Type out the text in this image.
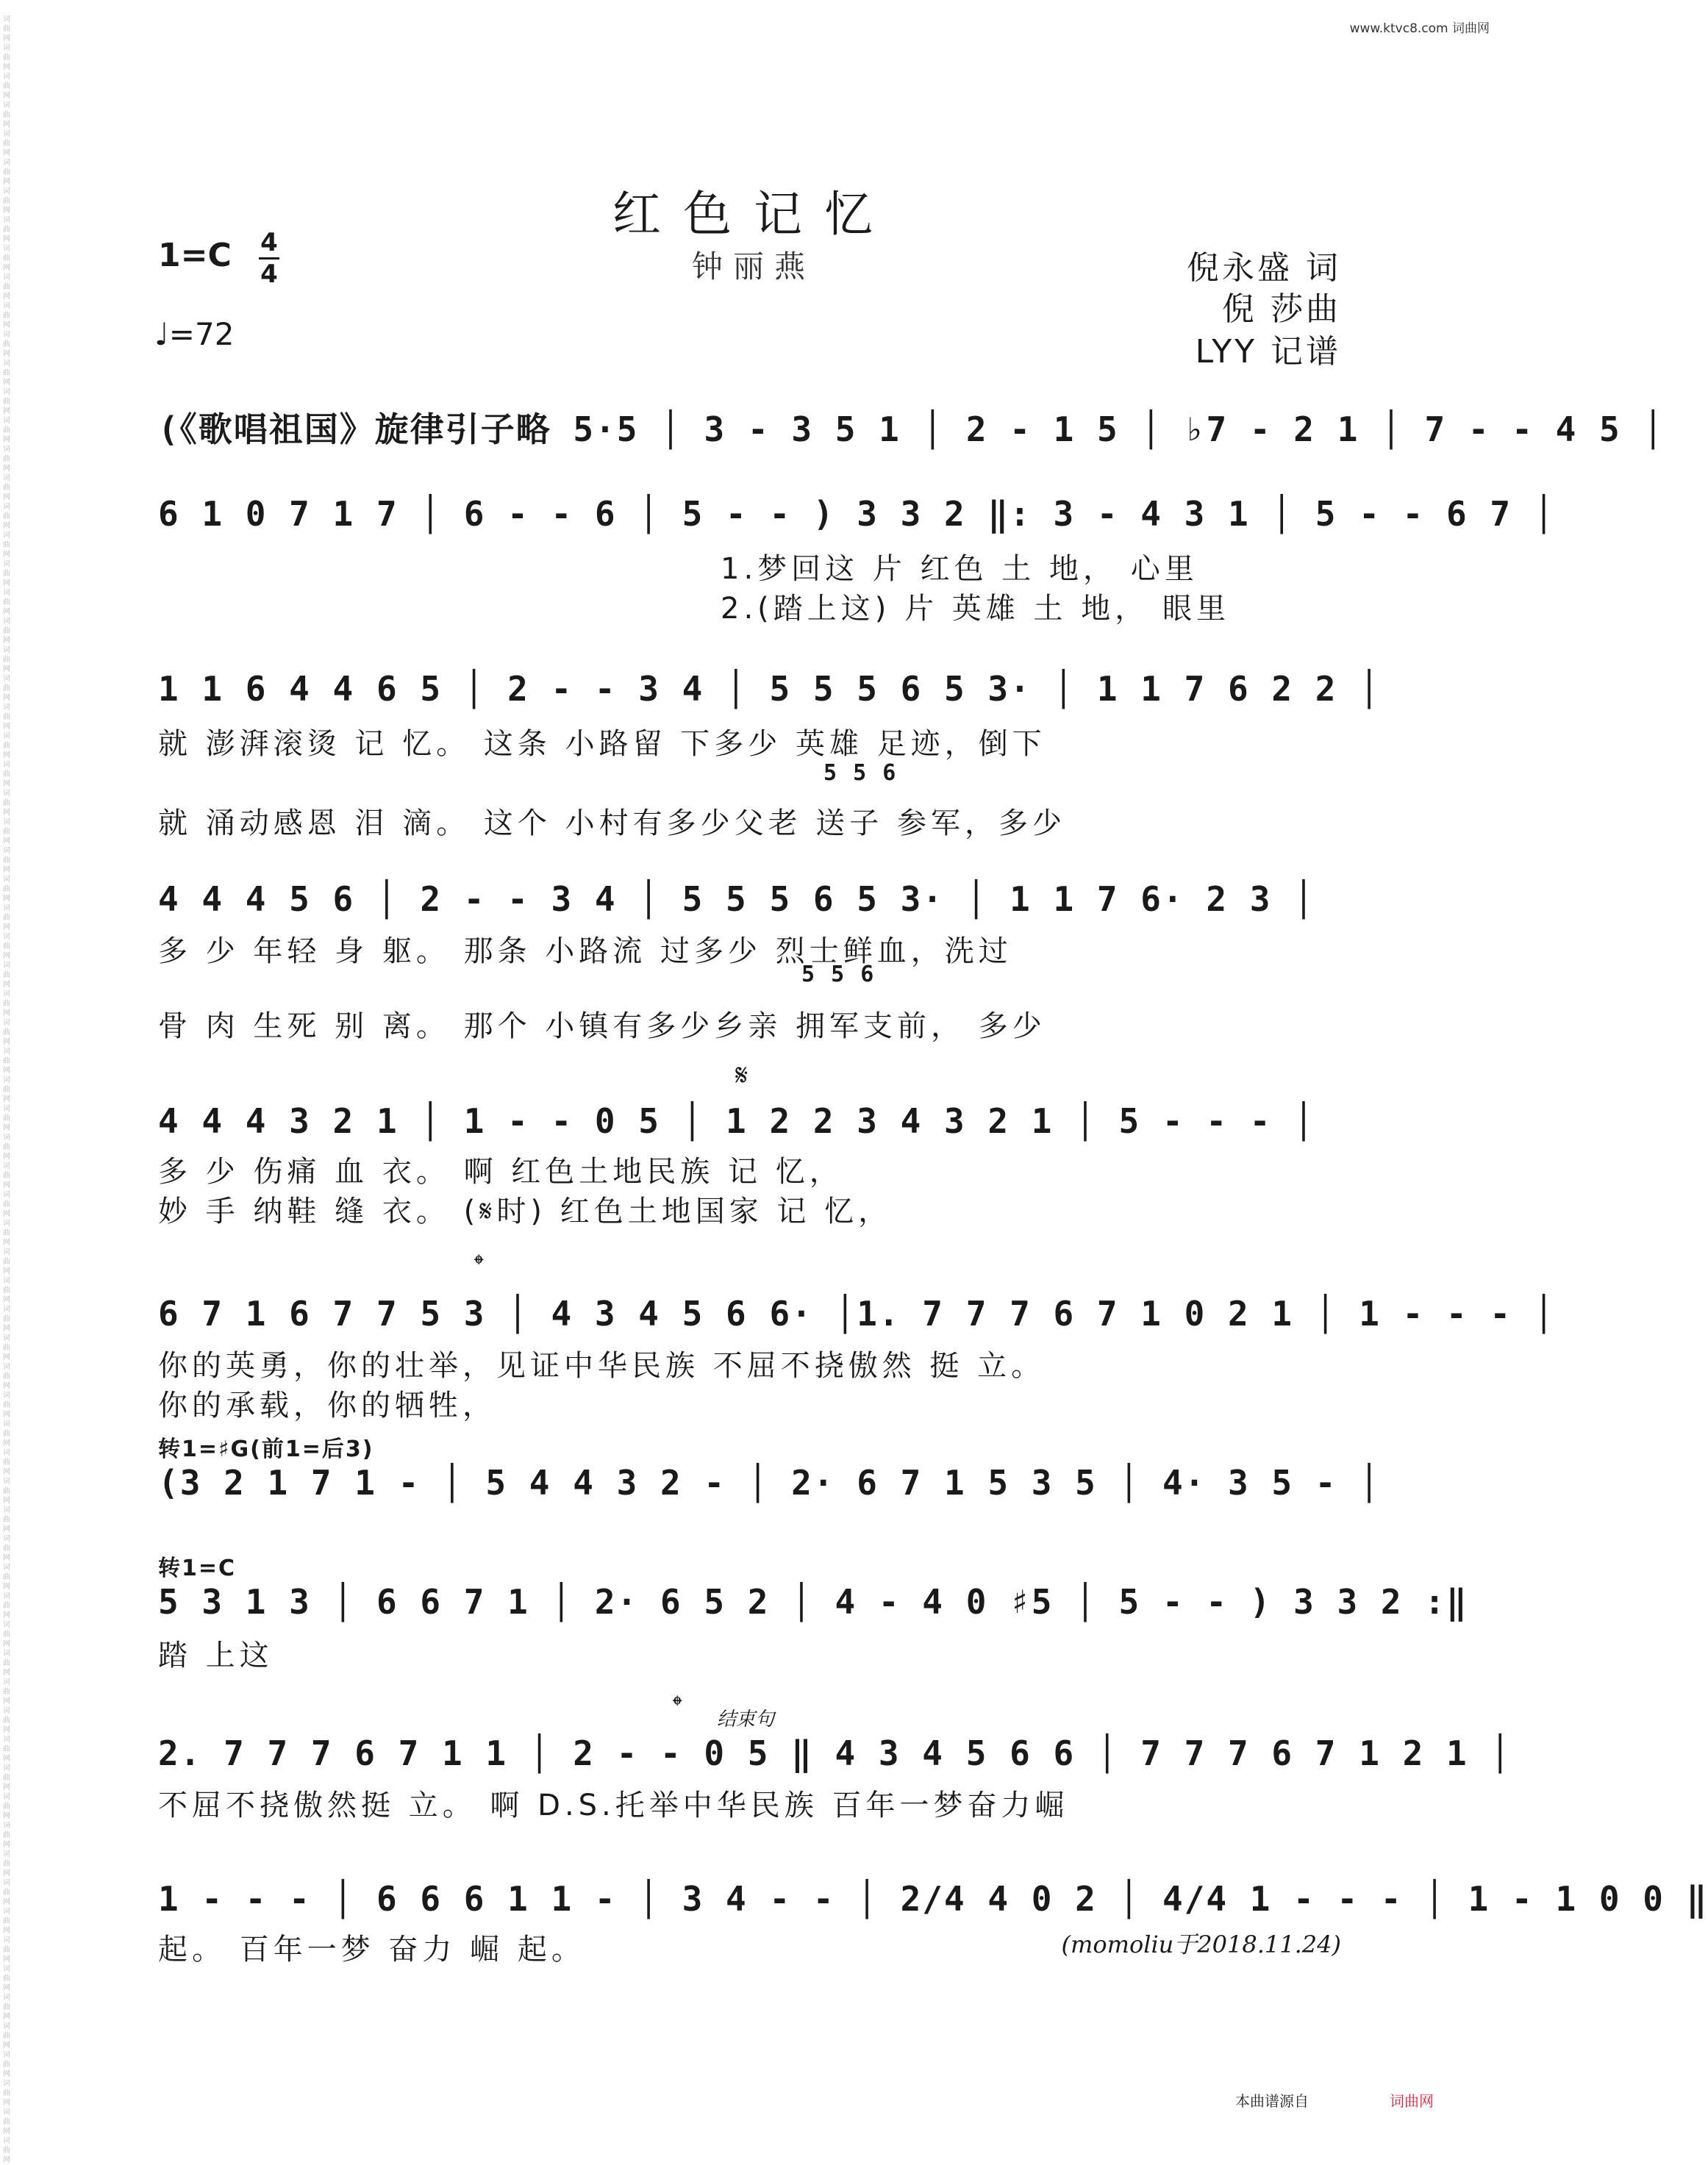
www.ktvc8.com 词曲网
词曲网 词曲网 词曲网 词曲网 词曲网 词曲网 词曲网 词曲网 词曲网 词曲网 词曲网 词曲网 词曲网 词曲网 词曲网 词曲网 词曲网 词曲网 词曲网 词曲网 词曲网 词曲网 词曲网 词曲网 词曲网 词曲网 词曲网 词曲网 词曲网 词曲网 词曲网 词曲网 词曲网 词曲网 词曲网 词曲网 词曲网 词曲网 词曲网 词曲网 词曲网 词曲网 词曲网 词曲网 词曲网 词曲网 词曲网 词曲网 词曲网 词曲网 词曲网 词曲网 词曲网 词曲网 词曲网 词曲网 词曲网 词曲网 词曲网 词曲网 词曲网 词曲网 词曲网 词曲网 词曲网 词曲网 词曲网 词曲网 词曲网 词曲网 词曲网 词曲网 词曲网 词曲网 词曲网
红色记忆
钟丽燕
1=C 4
4
♩=72
倪永盛 词
倪 莎曲
LYY 记谱
(《歌唱祖国》旋律引子略 5·5 │ 3 - 3 5 1 │ 2 - 1 5 │ ♭7 - 2 1 │ 7 - - 4 5 │
6 1 0 7 1 7 │ 6 - - 6 │ 5 - - ) 3 3 2 ‖: 3 - 4 3 1 │ 5 - - 6 7 │
1.梦回这 片 红色 土 地， 心里
2.(踏上这) 片 英雄 土 地， 眼里
1 1 6 4 4 6 5 │ 2 - - 3 4 │ 5 5 5 6 5 3· │ 1 1 7 6 2 2 │
就 澎湃滚烫 记 忆。 这条 小路留 下多少 英雄 足迹，倒下
5 5 6
就 涌动感恩 泪 滴。 这个 小村有多少父老 送子 参军，多少
4 4 4 5 6 │ 2 - - 3 4 │ 5 5 5 6 5 3· │ 1 1 7 6· 2 3 │
多 少 年轻 身 躯。 那条 小路流 过多少 烈士鲜血，洗过
5 5 6
骨 肉 生死 别 离。 那个 小镇有多少乡亲 拥军支前， 多少
𝄋
4 4 4 3 2 1 │ 1 - - 0 5 │ 1 2 2 3 4 3 2 1 │ 5 - - - │
多 少 伤痛 血 衣。 啊 红色土地民族 记 忆，
妙 手 纳鞋 缝 衣。 (𝄋时) 红色土地国家 记 忆，
𝄌
6 7 1 6 7 7 5 3 │ 4 3 4 5 6 6· │1. 7 7 7 6 7 1 0 2 1 │ 1 - - - │
你的英勇，你的壮举，见证中华民族 不屈不挠傲然 挺 立。
你的承载，你的牺牲，
转1=♯G(前1=后3)
(3 2 1 7 1 - │ 5 4 4 3 2 - │ 2· 6 7 1 5 3 5 │ 4· 3 5 - │
转1=C
5 3 1 3 │ 6 6 7 1 │ 2· 6 5 2 │ 4 - 4 0 ♯5 │ 5 - - ) 3 3 2 :‖
踏 上这
𝄌 结束句
2. 7 7 7 6 7 1 1 │ 2 - - 0 5 ‖ 4 3 4 5 6 6 │ 7 7 7 6 7 1 2 1 │
不屈不挠傲然挺 立。 啊 D.S.托举中华民族 百年一梦奋力崛
1 - - - │ 6 6 6 1 1 - │ 3 4 - - │ 2/4 4 0 2 │ 4/4 1 - - - │ 1 - 1 0 0 ‖
起。 百年一梦 奋力 崛 起。	(momoliu于2018.11.24)
本曲谱源自	词曲网
